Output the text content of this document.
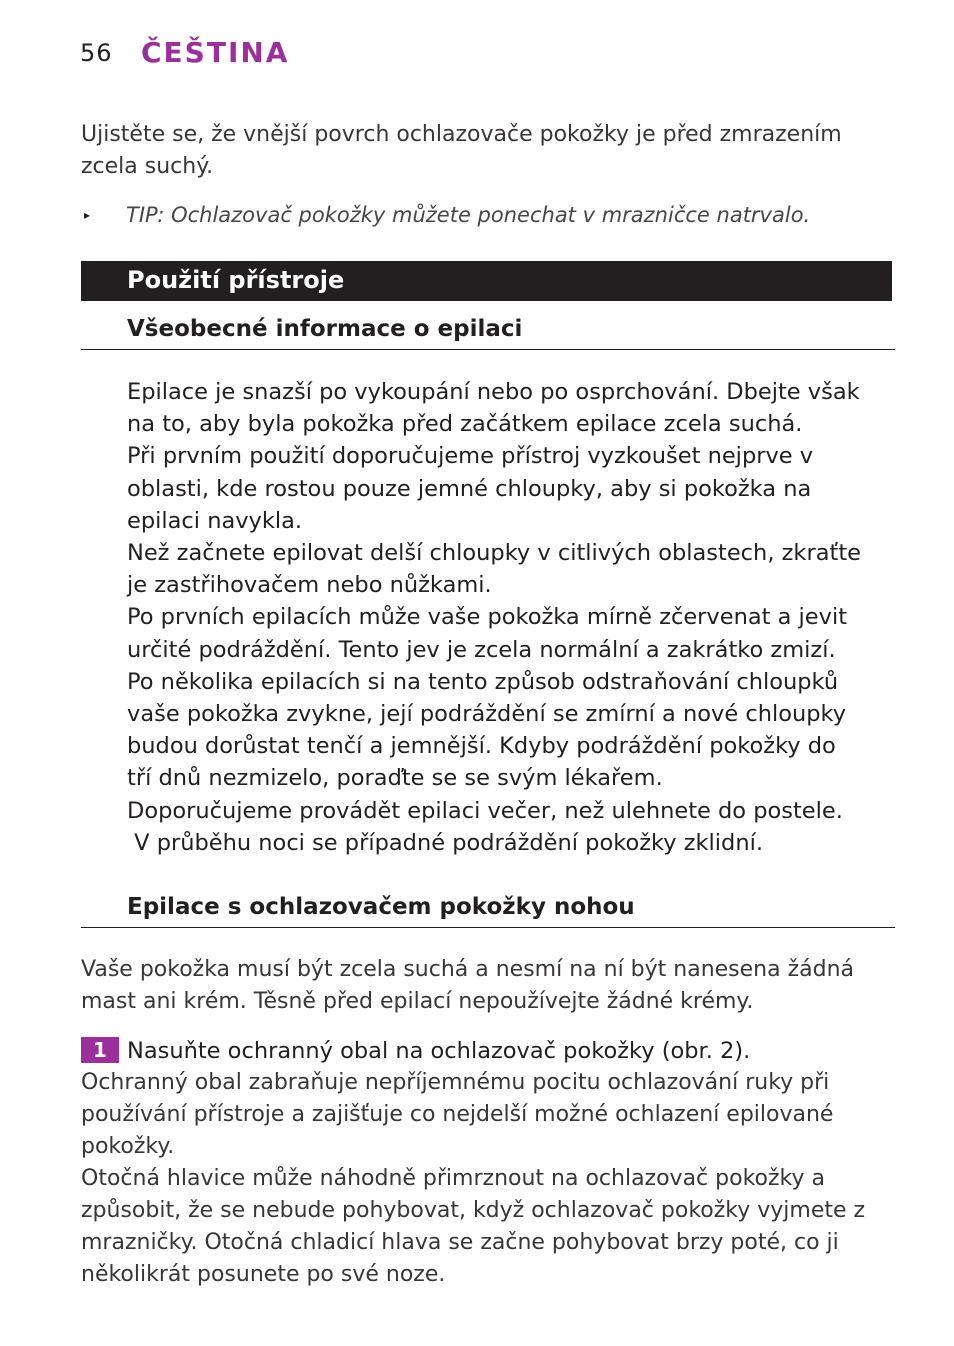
56 ČEŠTINA

Ujistěte se, že vnější povrch ochlazovače pokožky je před zmrazením
zcela suchý.

▸ TIP: Ochlazovač pokožky můžete ponechat v mrazničce natrvalo.
Použití přístroje
Všeobecné informace o epilaci

Epilace je snazší po vykoupání nebo po osprchování. Dbejte však
na to, aby byla pokožka před začátkem epilace zcela suchá.
Při prvním použití doporučujeme přístroj vyzkoušet nejprve v
oblasti, kde rostou pouze jemné chloupky, aby si pokožka na
epilaci navykla.
Než začnete epilovat delší chloupky v citlivých oblastech, zkraťte
je zastřihovačem nebo nůžkami.
Po prvních epilacích může vaše pokožka mírně zčervenat a jevit
určité podráždění. Tento jev je zcela normální a zakrátko zmizí.
Po několika epilacích si na tento způsob odstraňování chloupků
vaše pokožka zvykne, její podráždění se zmírní a nové chloupky
budou dorůstat tenčí a jemnější. Kdyby podráždění pokožky do
tří dnů nezmizelo, poraďte se se svým lékařem.
Doporučujeme provádět epilaci večer, než ulehnete do postele.
V průběhu noci se případné podráždění pokožky zklidní.

Epilace s ochlazovačem pokožky nohou

Vaše pokožka musí být zcela suchá a nesmí na ní být nanesena žádná
mast ani krém. Těsně před epilací nepoužívejte žádné krémy.

1 Nasuňte ochranný obal na ochlazovač pokožky (obr. 2).

Ochranný obal zabraňuje nepříjemnému pocitu ochlazování ruky při
používání přístroje a zajišťuje co nejdelší možné ochlazení epilované
pokožky.
Otočná hlavice může náhodně přimrznout na ochlazovač pokožky a
způsobit, že se nebude pohybovat, když ochlazovač pokožky vyjmete z
mrazničky. Otočná chladicí hlava se začne pohybovat brzy poté, co ji
několikrát posunete po své noze.
